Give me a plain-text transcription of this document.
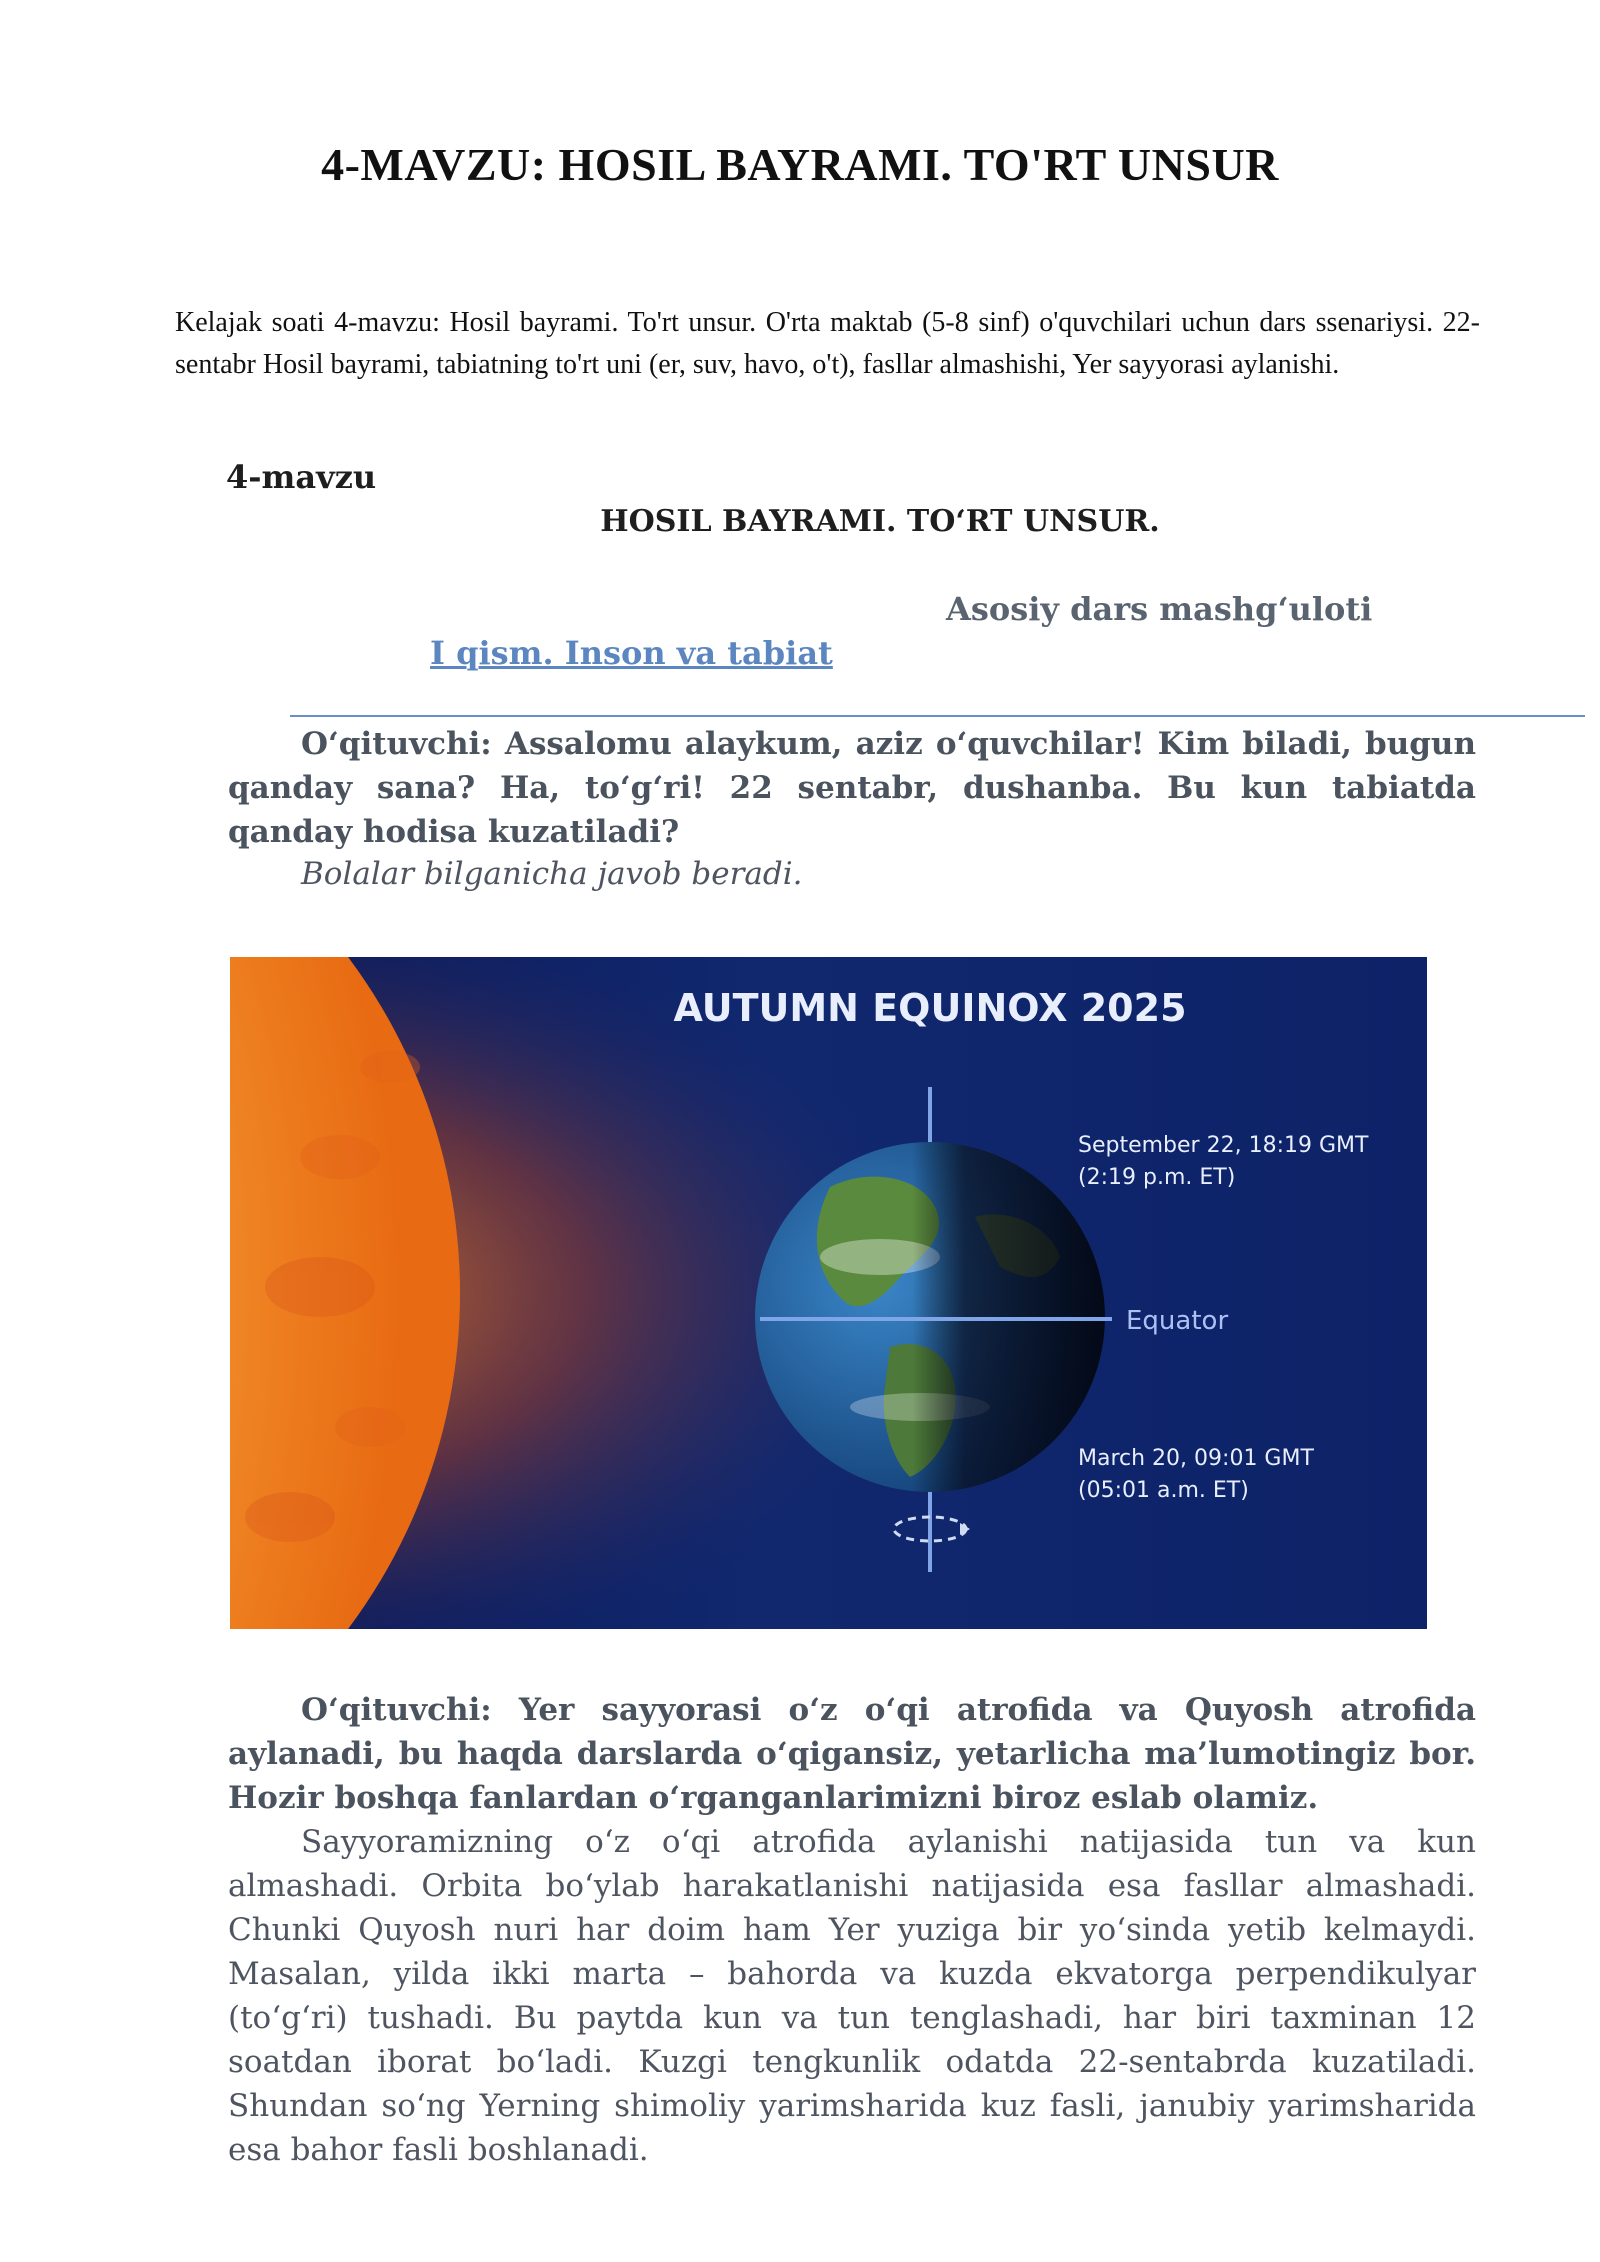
4-MAVZU: HOSIL BAYRAMI. TO'RT UNSUR
Kelajak soati 4-mavzu: Hosil bayrami. To'rt unsur. O'rta maktab (5-8 sinf) o'quvchilari uchun dars ssenariysi. 22-sentabr Hosil bayrami, tabiatning to'rt uni (er, suv, havo, o't), fasllar almashishi, Yer sayyorasi aylanishi.
4-mavzu
HOSIL BAYRAMI. TO‘RT UNSUR.
Asosiy dars mashg‘uloti
I qism. Inson va tabiat
O‘qituvchi: Assalomu alaykum, aziz o‘quvchilar! Kim biladi, bugun qanday sana? Ha, to‘g‘ri! 22 sentabr, dushanba. Bu kun tabiatda qanday hodisa kuzatiladi?
Bolalar bilganicha javob beradi.
AUTUMN EQUINOX 2025
September 22, 18:19 GMT
(2:19 p.m. ET)
Equator
March 20, 09:01 GMT
(05:01 a.m. ET)
O‘qituvchi: Yer sayyorasi o‘z o‘qi atrofida va Quyosh atrofida aylanadi, bu haqda darslarda o‘qigansiz, yetarlicha ma’lumotingiz bor. Hozir boshqa fanlardan o‘rganganlarimizni biroz eslab olamiz.
Sayyoramizning o‘z o‘qi atrofida aylanishi natijasida tun va kun almashadi. Orbita bo‘ylab harakatlanishi natijasida esa fasllar almashadi. Chunki Quyosh nuri har doim ham Yer yuziga bir yo‘sinda yetib kelmaydi. Masalan, yilda ikki marta – bahorda va kuzda ekvatorga perpendikulyar (to‘g‘ri) tushadi. Bu paytda kun va tun tenglashadi, har biri taxminan 12 soatdan iborat bo‘ladi. Kuzgi tengkunlik odatda 22-sentabrda kuzatiladi. Shundan so‘ng Yerning shimoliy yarimsharida kuz fasli, janubiy yarimsharida esa bahor fasli boshlanadi.
